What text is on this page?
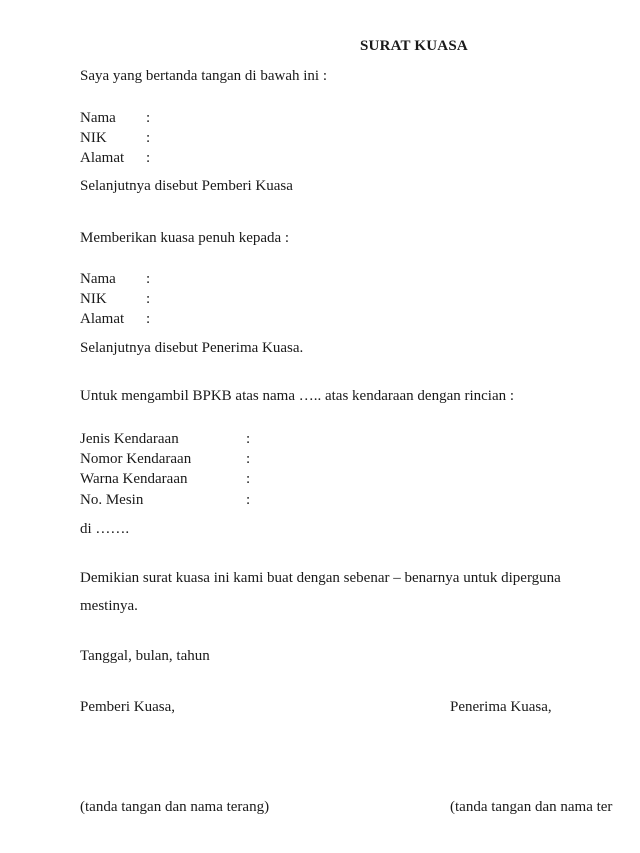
SURAT KUASA

Saya yang bertanda tangan di bawah ini :

Nama :
NIK	:
Alamat :

Selanjutnya disebut Pemberi Kuasa

Memberikan kuasa penuh kepada :

Nama :
NIK	:
Alamat :

Selanjutnya disebut Penerima Kuasa.

Untuk mengambil BPKB atas nama ….. atas kendaraan dengan rincian :

Jenis Kendaraan	:
Nomor Kendaraan	:
Warna Kendaraan	:
No. Mesin	:

di …….

Demikian surat kuasa ini kami buat dengan sebenar – benarnya untuk diperguna

mestinya.

Tanggal, bulan, tahun

Pemberi Kuasa,	Penerima Kuasa,

(tanda tangan dan nama terang)	(tanda tangan dan nama ter
